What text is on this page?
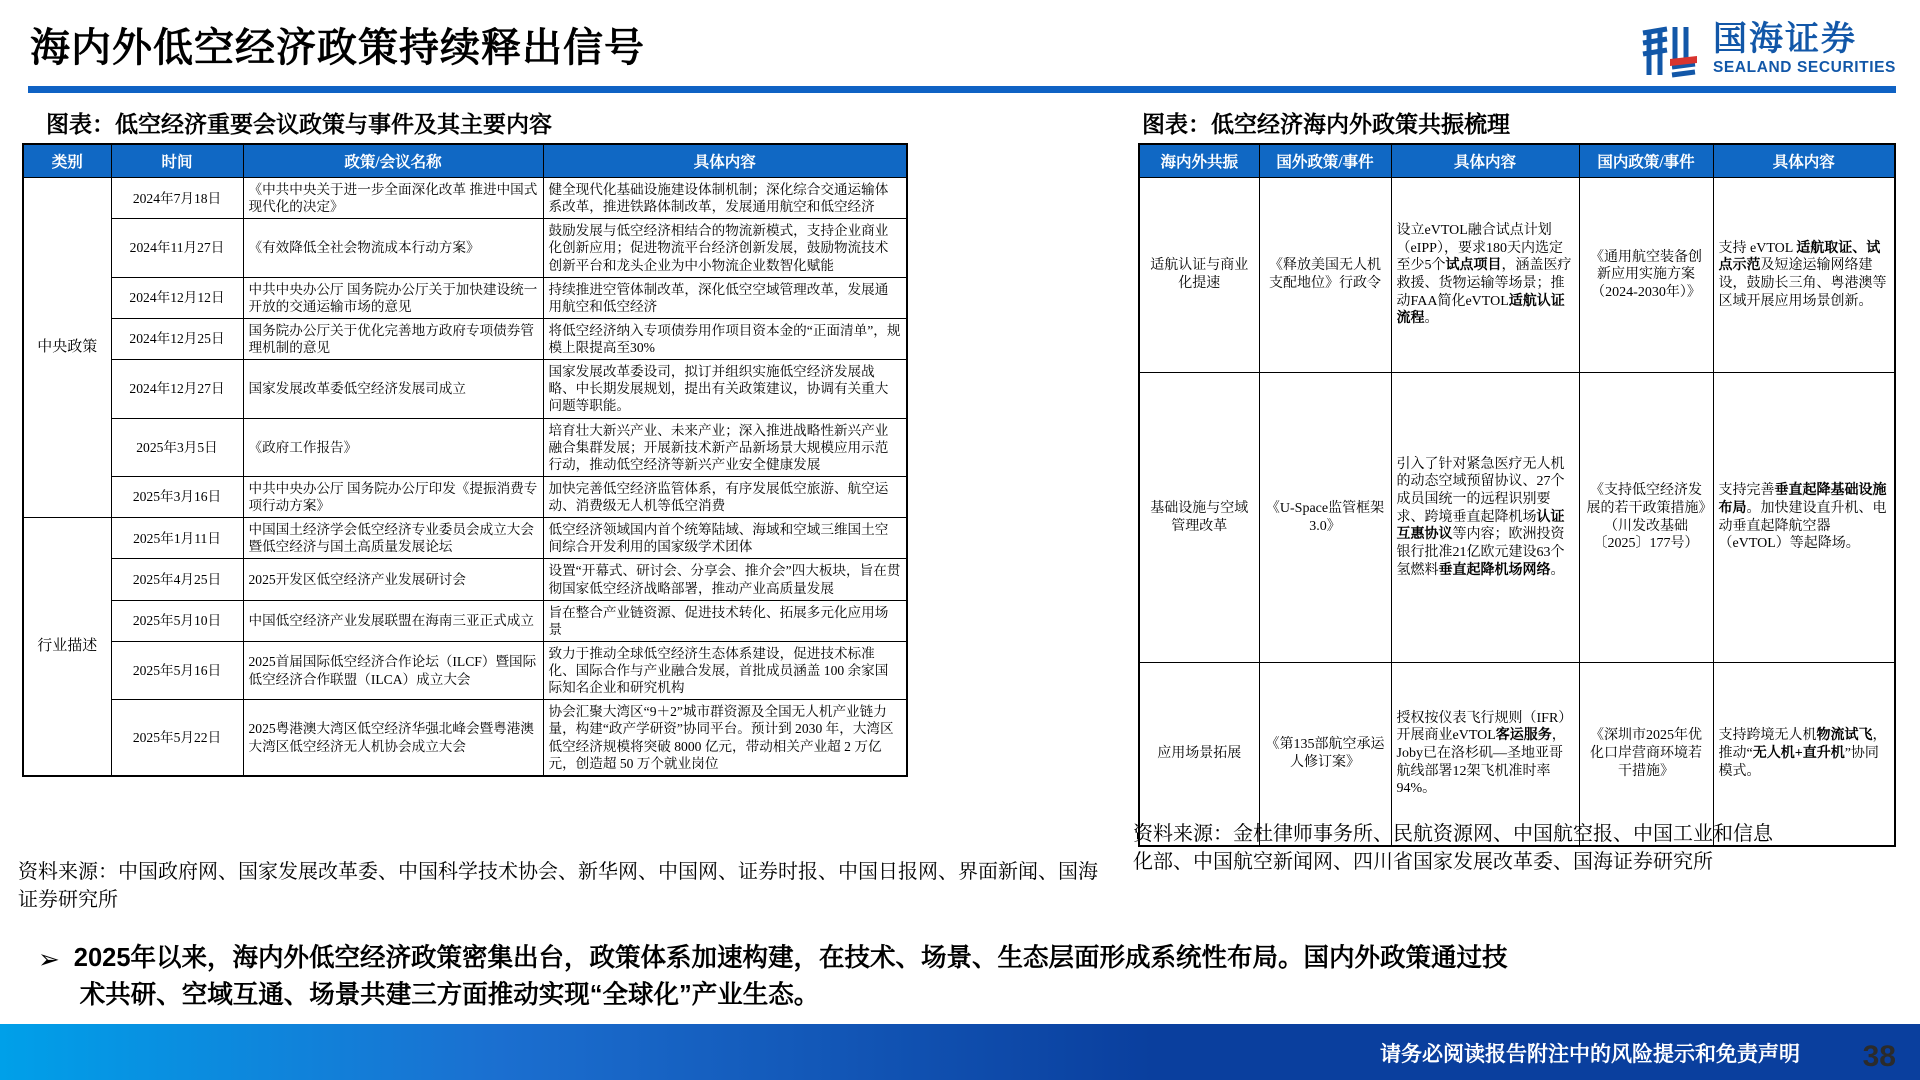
海内外低空经济政策持续释出信号	国海证券
SEALAND SECURITIES
图表：低空经济重要会议政策与事件及其主要内容
类别	时间	政策/会议名称	具体内容
中央政策	2024年7月18日	《中共中央关于进一步全面深化改革 推进中国式现代化的决定》	健全现代化基础设施建设体制机制；深化综合交通运输体系改革，推进铁路体制改革，发展通用航空和低空经济
	2024年11月27日	《有效降低全社会物流成本行动方案》	鼓励发展与低空经济相结合的物流新模式，支持企业商业化创新应用；促进物流平台经济创新发展，鼓励物流技术创新平台和龙头企业为中小物流企业数智化赋能
	2024年12月12日	中共中央办公厅 国务院办公厅关于加快建设统一开放的交通运输市场的意见	持续推进空管体制改革，深化低空空域管理改革，发展通用航空和低空经济
	2024年12月25日	国务院办公厅关于优化完善地方政府专项债券管理机制的意见	将低空经济纳入专项债券用作项目资本金的“正面清单”，规模上限提高至30%
	2024年12月27日	国家发展改革委低空经济发展司成立	国家发展改革委设司，拟订并组织实施低空经济发展战略、中长期发展规划，提出有关政策建议，协调有关重大问题等职能。
	2025年3月5日	《政府工作报告》	培育壮大新兴产业、未来产业；深入推进战略性新兴产业融合集群发展；开展新技术新产品新场景大规模应用示范行动，推动低空经济等新兴产业安全健康发展
	2025年3月16日	中共中央办公厅 国务院办公厅印发《提振消费专项行动方案》	加快完善低空经济监管体系，有序发展低空旅游、航空运动、消费级无人机等低空消费
行业描述	2025年1月11日	中国国土经济学会低空经济专业委员会成立大会暨低空经济与国土高质量发展论坛	低空经济领域国内首个统筹陆域、海域和空域三维国土空间综合开发利用的国家级学术团体
	2025年4月25日	2025开发区低空经济产业发展研讨会	设置“开幕式、研讨会、分享会、推介会”四大板块，旨在贯彻国家低空经济战略部署，推动产业高质量发展
	2025年5月10日	中国低空经济产业发展联盟在海南三亚正式成立	旨在整合产业链资源、促进技术转化、拓展多元化应用场景
	2025年5月16日	2025首届国际低空经济合作论坛（ILCF）暨国际低空经济合作联盟（ILCA）成立大会	致力于推动全球低空经济生态体系建设，促进技术标准化、国际合作与产业融合发展，首批成员涵盖 100 余家国际知名企业和研究机构
	2025年5月22日	2025粤港澳大湾区低空经济华强北峰会暨粤港澳大湾区低空经济无人机协会成立大会	协会汇聚大湾区“9＋2”城市群资源及全国无人机产业链力量，构建“政产学研资”协同平台。预计到 2030 年，大湾区低空经济规模将突破 8000 亿元，带动相关产业超 2 万亿元，创造超 50 万个就业岗位
图表：低空经济海内外政策共振梳理
海内外共振	国外政策/事件	具体内容	国内政策/事件	具体内容
适航认证与商业化提速	《释放美国无人机支配地位》行政令	设立eVTOL融合试点计划（eIPP），要求180天内选定至少5个试点项目，涵盖医疗救援、货物运输等场景；推动FAA简化eVTOL适航认证流程。	《通用航空装备创新应用实施方案（2024-2030年）》	支持 eVTOL 适航取证、试点示范及短途运输网络建设，鼓励长三角、粤港澳等区域开展应用场景创新。
基础设施与空域管理改革	《U-Space监管框架3.0》	引入了针对紧急医疗无人机的动态空域预留协议、27个成员国统一的远程识别要求、跨境垂直起降机场认证互惠协议等内容；欧洲投资银行批准21亿欧元建设63个氢燃料垂直起降机场网络。	《支持低空经济发展的若干政策措施》（川发改基础〔2025〕177号）	支持完善垂直起降基础设施布局。加快建设直升机、电动垂直起降航空器（eVTOL）等起降场。
应用场景拓展	《第135部航空承运人修订案》	授权按仪表飞行规则（IFR）开展商业eVTOL客运服务，Joby已在洛杉矶—圣地亚哥航线部署12架飞机准时率94%。	《深圳市2025年优化口岸营商环境若干措施》	支持跨境无人机物流试飞，推动“无人机+直升机”协同模式。
资料来源：中国政府网、国家发展改革委、中国科学技术协会、新华网、中国网、证券时报、中国日报网、界面新闻、国海证券研究所
资料来源：金杜律师事务所、民航资源网、中国航空报、中国工业和信息化部、中国航空新闻网、四川省国家发展改革委、国海证券研究所
➢ 2025年以来，海内外低空经济政策密集出台，政策体系加速构建，在技术、场景、生态层面形成系统性布局。国内外政策通过技
术共研、空域互通、场景共建三方面推动实现“全球化”产业生态。
请务必阅读报告附注中的风险提示和免责声明 38
